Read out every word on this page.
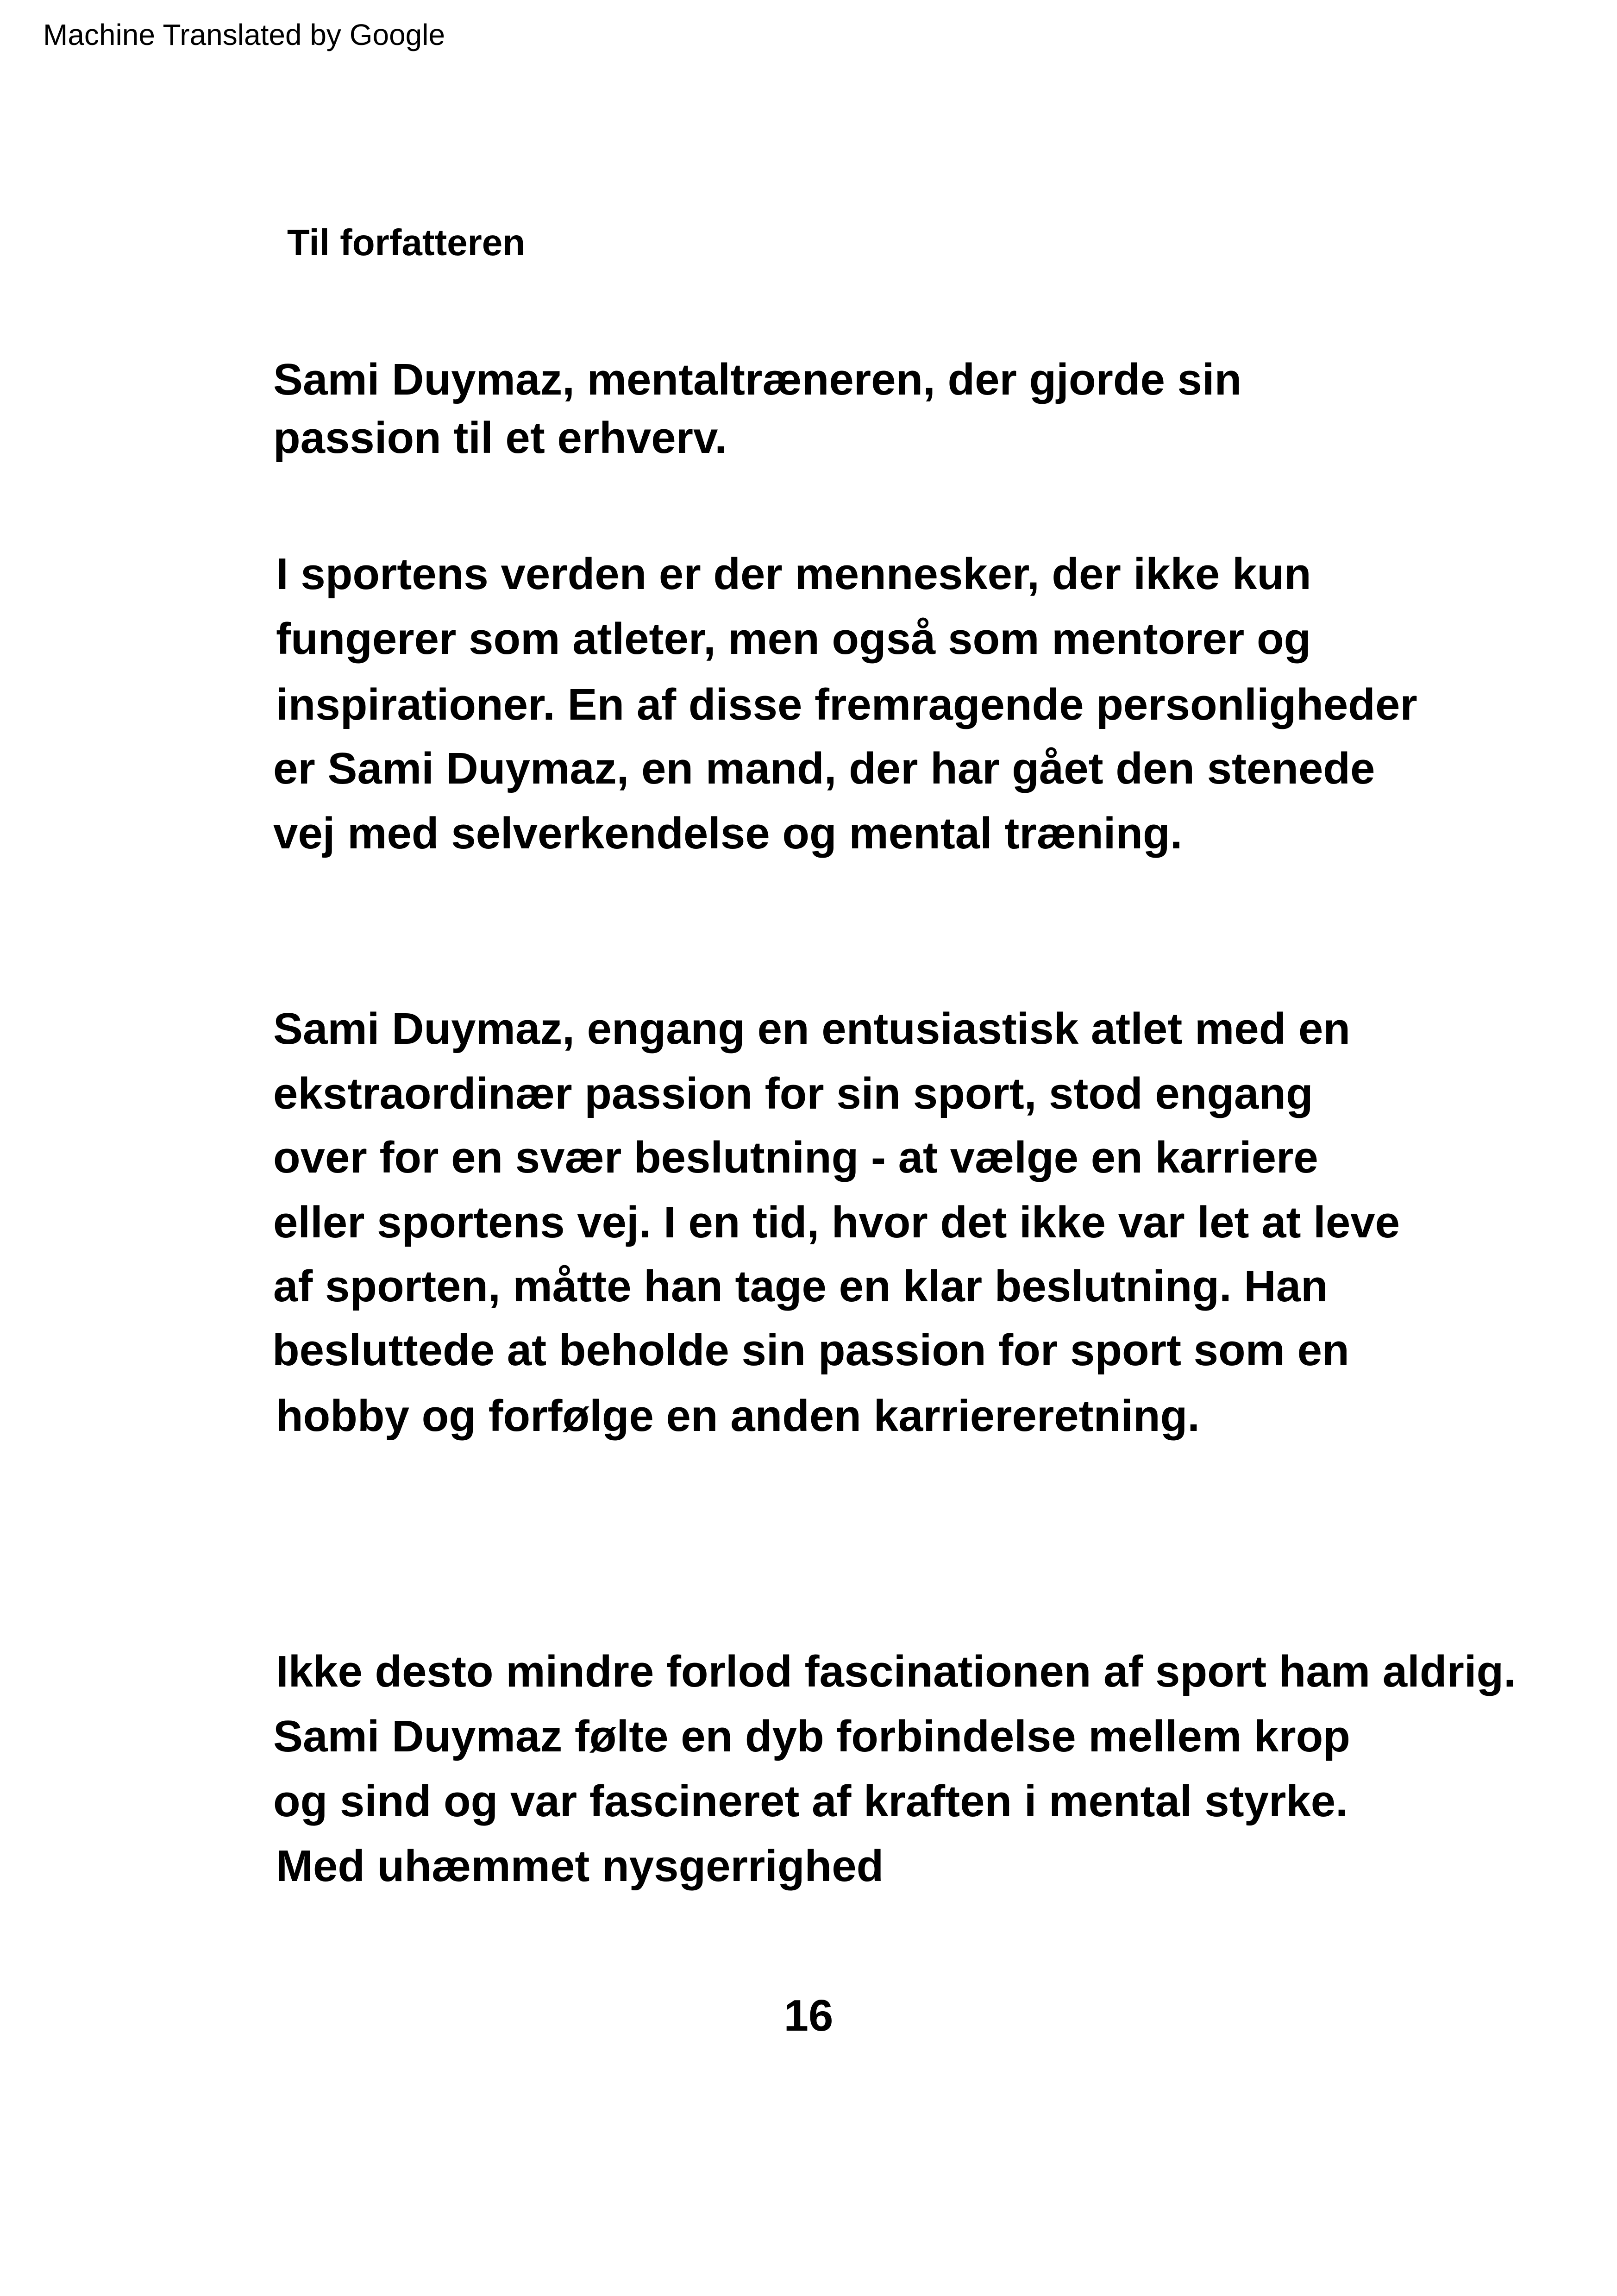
Machine Translated by Google
Til forfatteren
Sami Duymaz, mentaltræneren, der gjorde sin
passion til et erhverv.
I sportens verden er der mennesker, der ikke kun
fungerer som atleter, men også som mentorer og
inspirationer. En af disse fremragende personligheder
er Sami Duymaz, en mand, der har gået den stenede
vej med selverkendelse og mental træning.
Sami Duymaz, engang en entusiastisk atlet med en
ekstraordinær passion for sin sport, stod engang
over for en svær beslutning - at vælge en karriere
eller sportens vej. I en tid, hvor det ikke var let at leve
af sporten, måtte han tage en klar beslutning. Han
besluttede at beholde sin passion for sport som en
hobby og forfølge en anden karriereretning.
Ikke desto mindre forlod fascinationen af sport ham aldrig.
Sami Duymaz følte en dyb forbindelse mellem krop
og sind og var fascineret af kraften i mental styrke.
Med uhæmmet nysgerrighed
16
